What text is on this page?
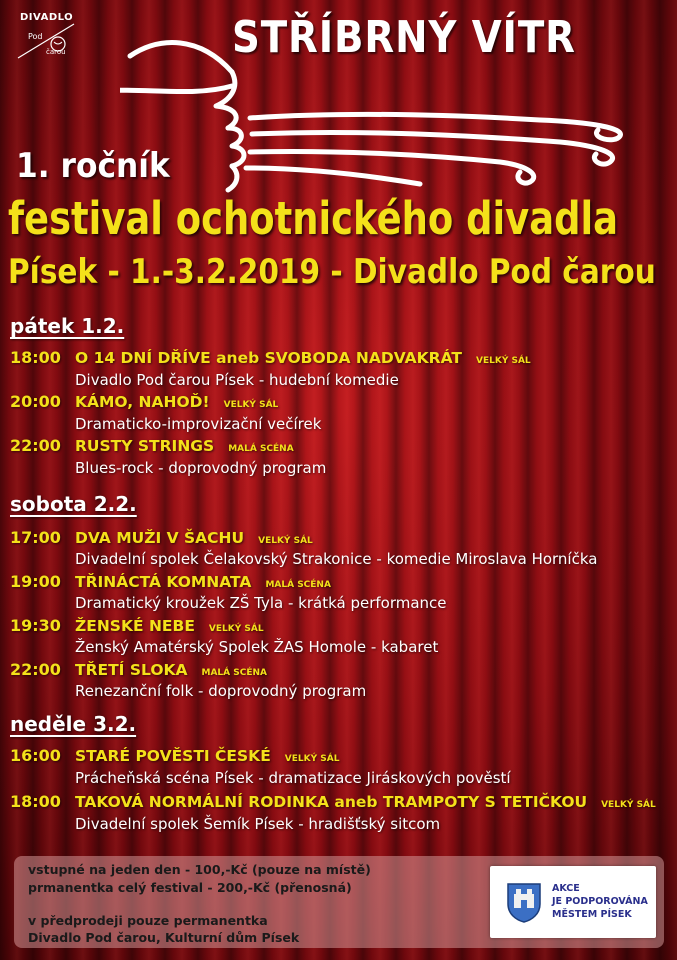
DIVADLO
Pod
čarou	STŘÍBRNÝ VÍTR
1. ročník
festival ochotnického divadla
Písek - 1.-3.2.2019 - Divadlo Pod čarou
pátek 1.2.
18:00 O 14 DNÍ DŘÍVE aneb SVOBODA NADVAKRÁT VELKÝ SÁL
Divadlo Pod čarou Písek - hudební komedie
20:00 KÁMO, NAHOĎ! VELKÝ SÁL
Dramaticko-improvizační večírek
22:00 RUSTY STRINGS MALÁ SCÉNA
Blues-rock - doprovodný program
sobota 2.2.
17:00 DVA MUŽI V ŠACHU VELKÝ SÁL
Divadelní spolek Čelakovský Strakonice - komedie Miroslava Horníčka
19:00 TŘINÁCTÁ KOMNATA MALÁ SCÉNA
Dramatický kroužek ZŠ Tyla - krátká performance
19:30 ŽENSKÉ NEBE VELKÝ SÁL
Ženský Amatérský Spolek ŽAS Homole - kabaret
22:00 TŘETÍ SLOKA MALÁ SCÉNA
Renezanční folk - doprovodný program
neděle 3.2.
16:00 STARÉ POVĚSTI ČESKÉ VELKÝ SÁL
Prácheňská scéna Písek - dramatizace Jiráskových pověstí
18:00 TAKOVÁ NORMÁLNÍ RODINKA aneb TRAMPOTY S TETIČKOU VELKÝ SÁL
Divadelní spolek Šemík Písek - hradišťský sitcom
vstupné na jeden den - 100,-Kč (pouze na místě)
prmanentka celý festival - 200,-Kč (přenosná)
v předprodeji pouze permanentka
Divadlo Pod čarou, Kulturní dům Písek
AKCE
JE PODPOROVÁNA
MĚSTEM PÍSEK
